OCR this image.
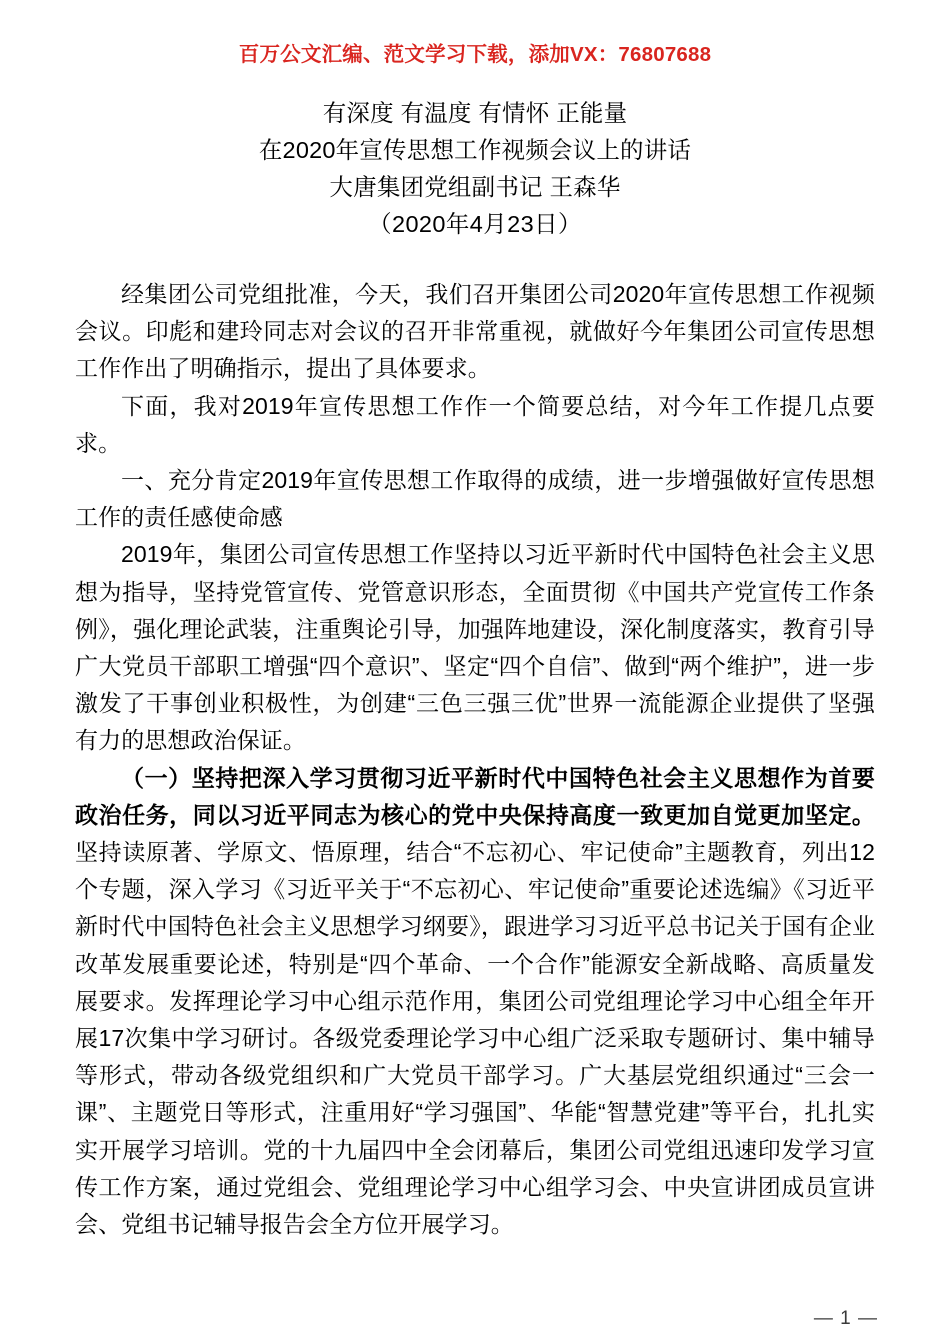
百万公文汇编、范文学习下载，添加VX：76807688
有深度 有温度 有情怀 正能量
在2020年宣传思想工作视频会议上的讲话
大唐集团党组副书记 王森华
（2020年4月23日）

经集团公司党组批准，今天，我们召开集团公司2020年宣传思想工作视频会议。印彪和建玲同志对会议的召开非常重视，就做好今年集团公司宣传思想工作作出了明确指示，提出了具体要求。

下面，我对2019年宣传思想工作作一个简要总结，对今年工作提几点要求。

一、充分肯定2019年宣传思想工作取得的成绩，进一步增强做好宣传思想工作的责任感使命感

2019年，集团公司宣传思想工作坚持以习近平新时代中国特色社会主义思想为指导，坚持党管宣传、党管意识形态，全面贯彻《中国共产党宣传工作条例》，强化理论武装，注重舆论引导，加强阵地建设，深化制度落实，教育引导广大党员干部职工增强“四个意识”、坚定“四个自信”、做到“两个维护”，进一步激发了干事创业积极性，为创建“三色三强三优”世界一流能源企业提供了坚强有力的思想政治保证。

（一）坚持把深入学习贯彻习近平新时代中国特色社会主义思想作为首要政治任务，同以习近平同志为核心的党中央保持高度一致更加自觉更加坚定。坚持读原著、学原文、悟原理，结合“不忘初心、牢记使命”主题教育，列出12个专题，深入学习《习近平关于“不忘初心、牢记使命”重要论述选编》《习近平新时代中国特色社会主义思想学习纲要》，跟进学习习近平总书记关于国有企业改革发展重要论述，特别是“四个革命、一个合作”能源安全新战略、高质量发展要求。发挥理论学习中心组示范作用，集团公司党组理论学习中心组全年开展17次集中学习研讨。各级党委理论学习中心组广泛采取专题研讨、集中辅导等形式，带动各级党组织和广大党员干部学习。广大基层党组织通过“三会一课”、主题党日等形式，注重用好“学习强国”、华能“智慧党建”等平台，扎扎实实开展学习培训。党的十九届四中全会闭幕后，集团公司党组迅速印发学习宣传工作方案，通过党组会、党组理论学习中心组学习会、中央宣讲团成员宣讲会、党组书记辅导报告会全方位开展学习。

— 1 —
